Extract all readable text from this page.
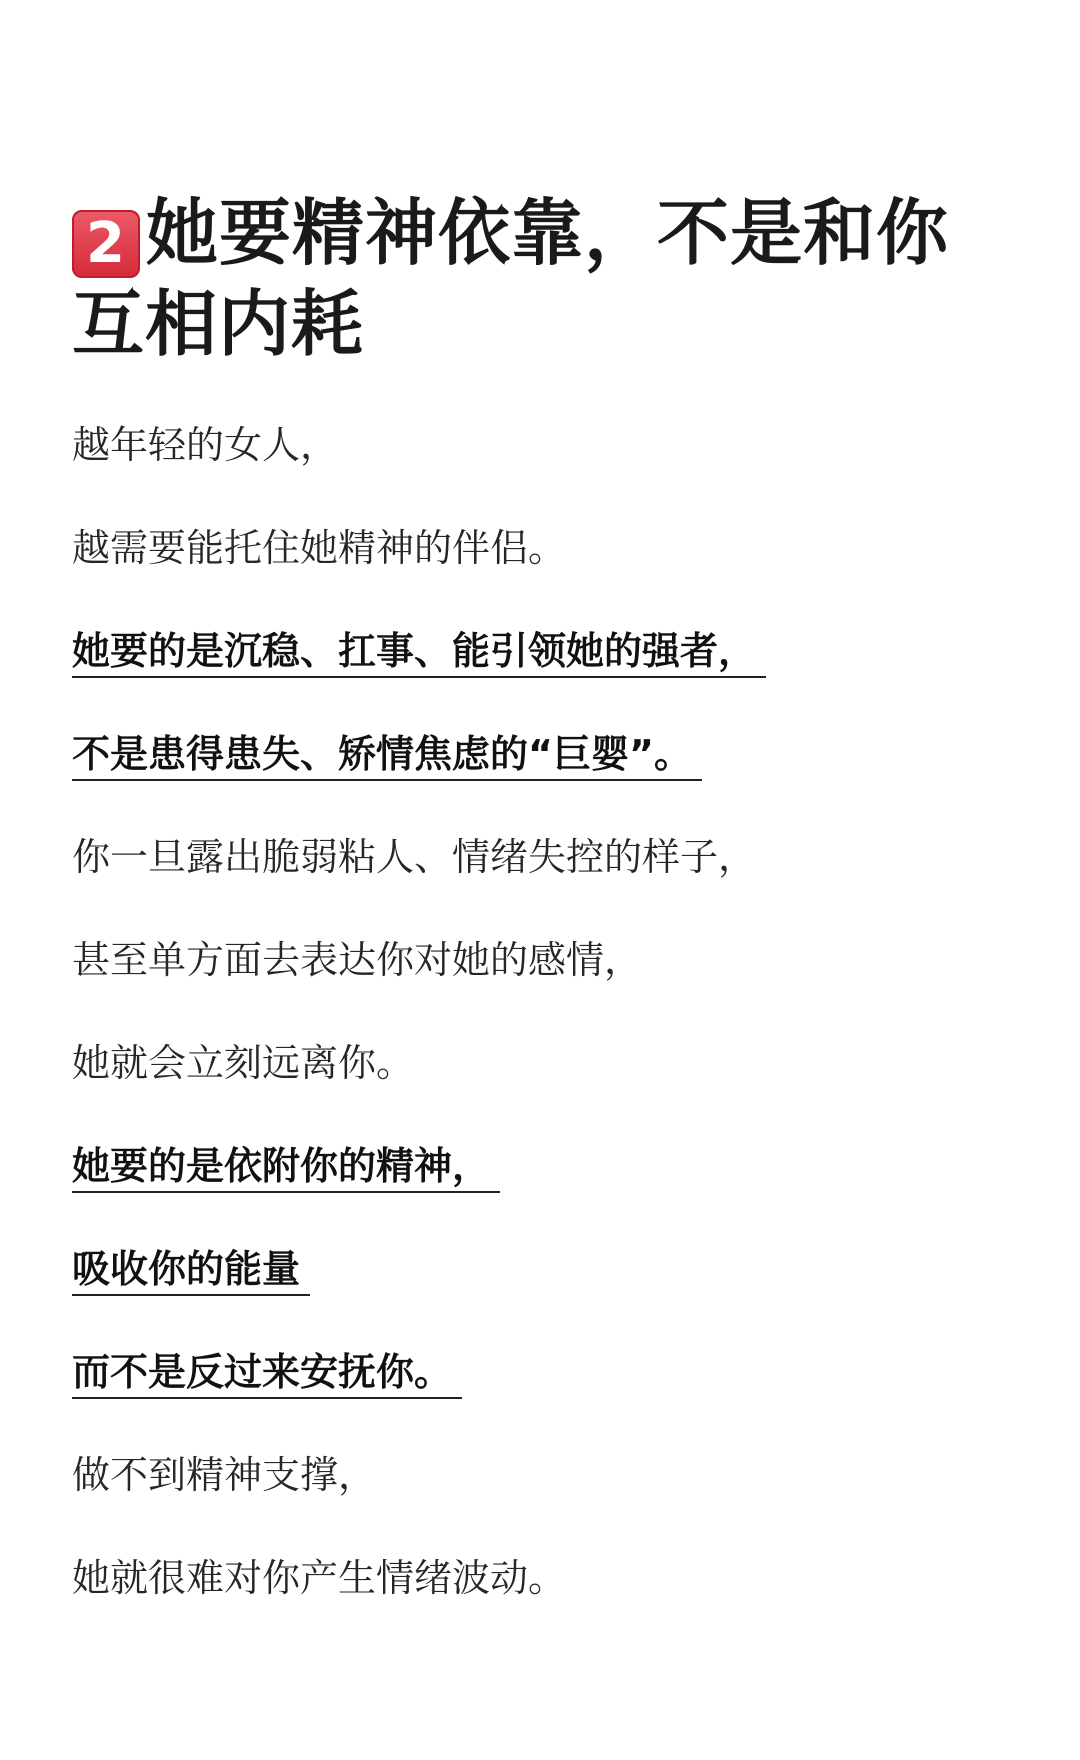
2 她要精神依靠，不是和你互相内耗

越年轻的女人，

越需要能托住她精神的伴侣。

她要的是沉稳、扛事、能引领她的强者，

不是患得患失、矫情焦虑的“巨婴”。

你一旦露出脆弱粘人、情绪失控的样子，

甚至单方面去表达你对她的感情，

她就会立刻远离你。

她要的是依附你的精神，

吸收你的能量

而不是反过来安抚你。

做不到精神支撑，

她就很难对你产生情绪波动。
